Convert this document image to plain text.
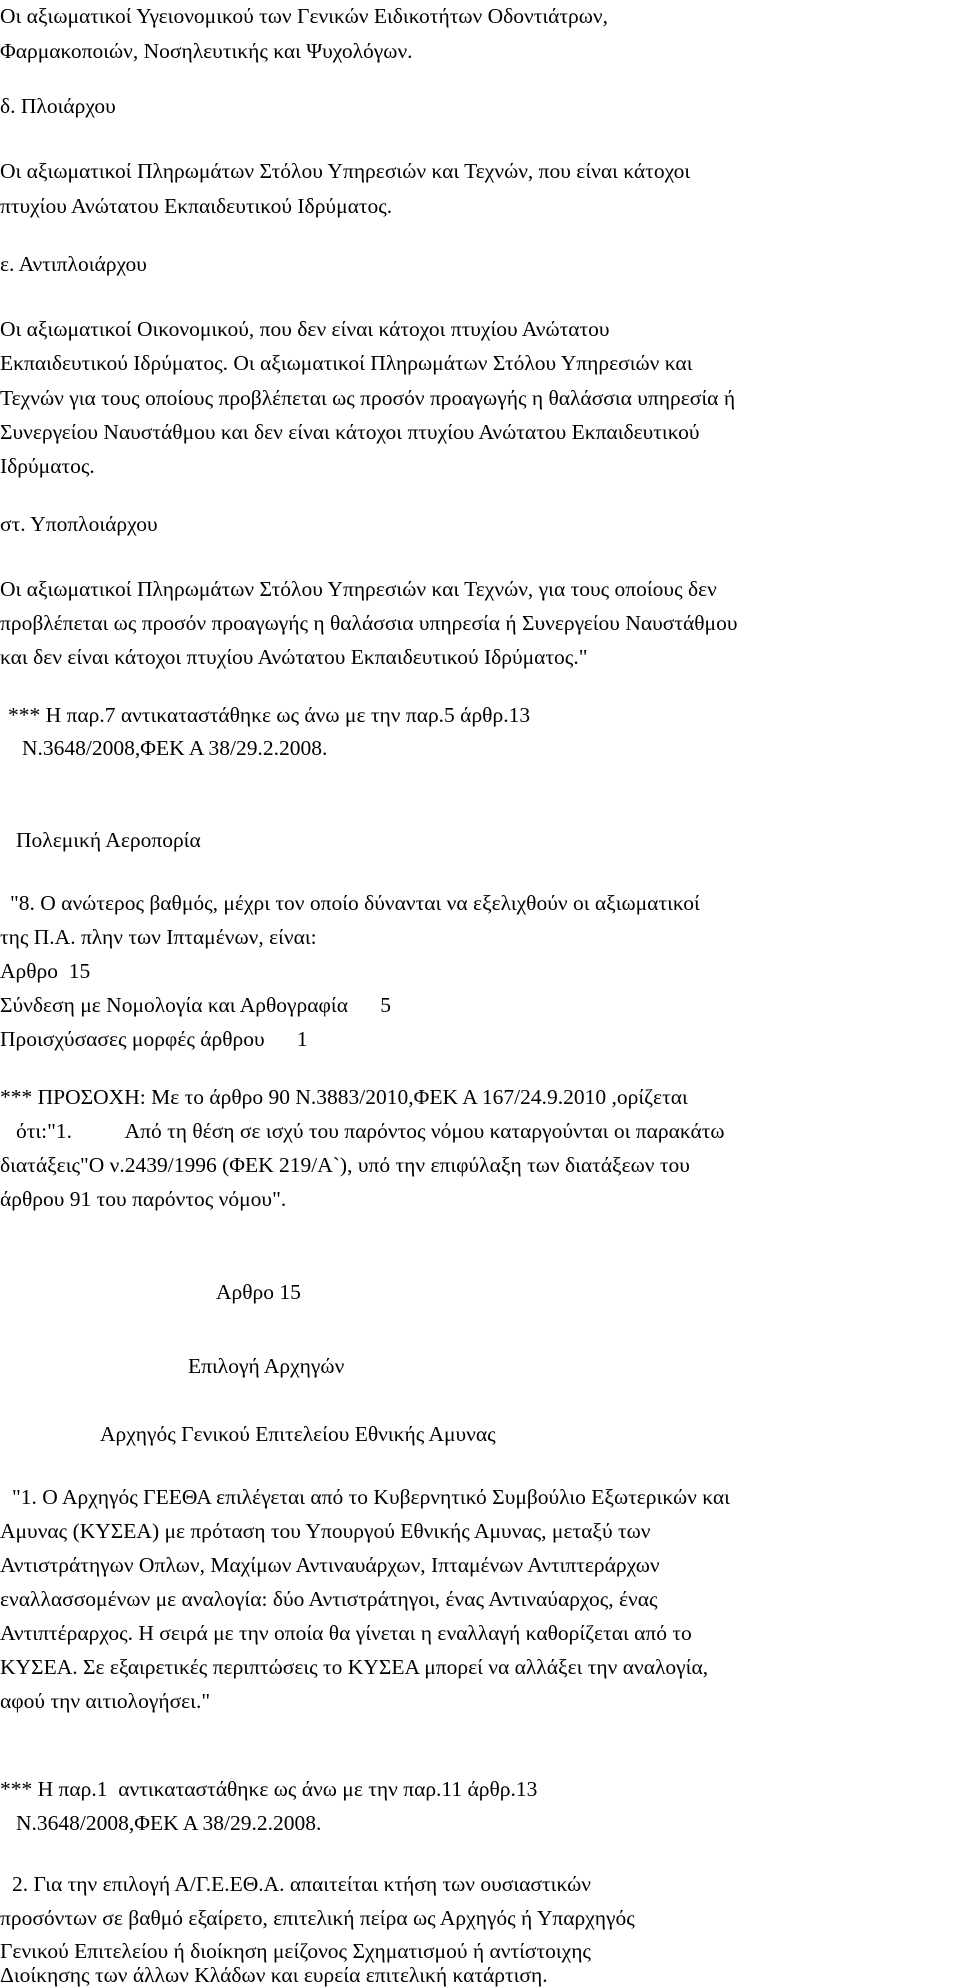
Οι αξιωματικοί Υγειονομικού των Γενικών Ειδικοτήτων Οδοντιάτρων,
Φαρμακοποιών, Νοσηλευτικής και Ψυχολόγων.
δ. Πλοιάρχου
Οι αξιωματικοί Πληρωμάτων Στόλου Υπηρεσιών και Τεχνών, που είναι κάτοχοι
πτυχίου Ανώτατου Εκπαιδευτικού Ιδρύματος.
ε. Αντιπλοιάρχου
Οι αξιωματικοί Οικονομικού, που δεν είναι κάτοχοι πτυχίου Ανώτατου
Εκπαιδευτικού Ιδρύματος. Οι αξιωματικοί Πληρωμάτων Στόλου Υπηρεσιών και
Τεχνών για τους οποίους προβλέπεται ως προσόν προαγωγής η θαλάσσια υπηρεσία ή
Συνεργείου Ναυστάθμου και δεν είναι κάτοχοι πτυχίου Ανώτατου Εκπαιδευτικού
Ιδρύματος.
στ. Υποπλοιάρχου
Οι αξιωματικοί Πληρωμάτων Στόλου Υπηρεσιών και Τεχνών, για τους οποίους δεν
προβλέπεται ως προσόν προαγωγής η θαλάσσια υπηρεσία ή Συνεργείου Ναυστάθμου
και δεν είναι κάτοχοι πτυχίου Ανώτατου Εκπαιδευτικού Ιδρύματος."
*** Η παρ.7 αντικαταστάθηκε ως άνω με την παρ.5 άρθρ.13
Ν.3648/2008,ΦΕΚ Α 38/29.2.2008.
Πολεμική Αεροπορία
"8. Ο ανώτερος βαθμός, μέχρι τον οποίο δύνανται να εξελιχθούν οι αξιωματικοί
της Π.Α. πλην των Ιπταμένων, είναι:
Αρθρο  15
Σύνδεση με Νομολογία και Αρθογραφία      5
Προισχύσασες μορφές άρθρου      1
*** ΠΡΟΣΟΧΗ: Με το άρθρο 90 Ν.3883/2010,ΦΕΚ Α 167/24.9.2010 ,ορίζεται
ότι:"1.          Από τη θέση σε ισχύ του παρόντος νόμου καταργούνται οι παρακάτω
διατάξεις"Ο ν.2439/1996 (ΦΕΚ 219/Α`), υπό την επιφύλαξη των διατάξεων του
άρθρου 91 του παρόντος νόμου".
Αρθρο 15
Επιλογή Αρχηγών
Αρχηγός Γενικού Επιτελείου Εθνικής Αμυνας
"1. Ο Αρχηγός ΓΕΕΘΑ επιλέγεται από το Κυβερνητικό Συμβούλιο Εξωτερικών και
Αμυνας (ΚΥΣΕΑ) με πρόταση του Υπουργού Εθνικής Αμυνας, μεταξύ των
Αντιστράτηγων Οπλων, Μαχίμων Αντιναυάρχων, Ιπταμένων Αντιπτεράρχων
εναλλασσομένων με αναλογία: δύο Αντιστράτηγοι, ένας Αντιναύαρχος, ένας
Αντιπτέραρχος. Η σειρά με την οποία θα γίνεται η εναλλαγή καθορίζεται από το
ΚΥΣΕΑ. Σε εξαιρετικές περιπτώσεις το ΚΥΣΕΑ μπορεί να αλλάξει την αναλογία,
αφού την αιτιολογήσει."
*** Η παρ.1  αντικαταστάθηκε ως άνω με την παρ.11 άρθρ.13
Ν.3648/2008,ΦΕΚ Α 38/29.2.2008.
2. Για την επιλογή Α/Γ.Ε.ΕΘ.Α. απαιτείται κτήση των ουσιαστικών
προσόντων σε βαθμό εξαίρετο, επιτελική πείρα ως Αρχηγός ή Υπαρχηγός
Γενικού Επιτελείου ή διοίκηση μείζονος Σχηματισμού ή αντίστοιχης
Διοίκησης των άλλων Κλάδων και ευρεία επιτελική κατάρτιση.
